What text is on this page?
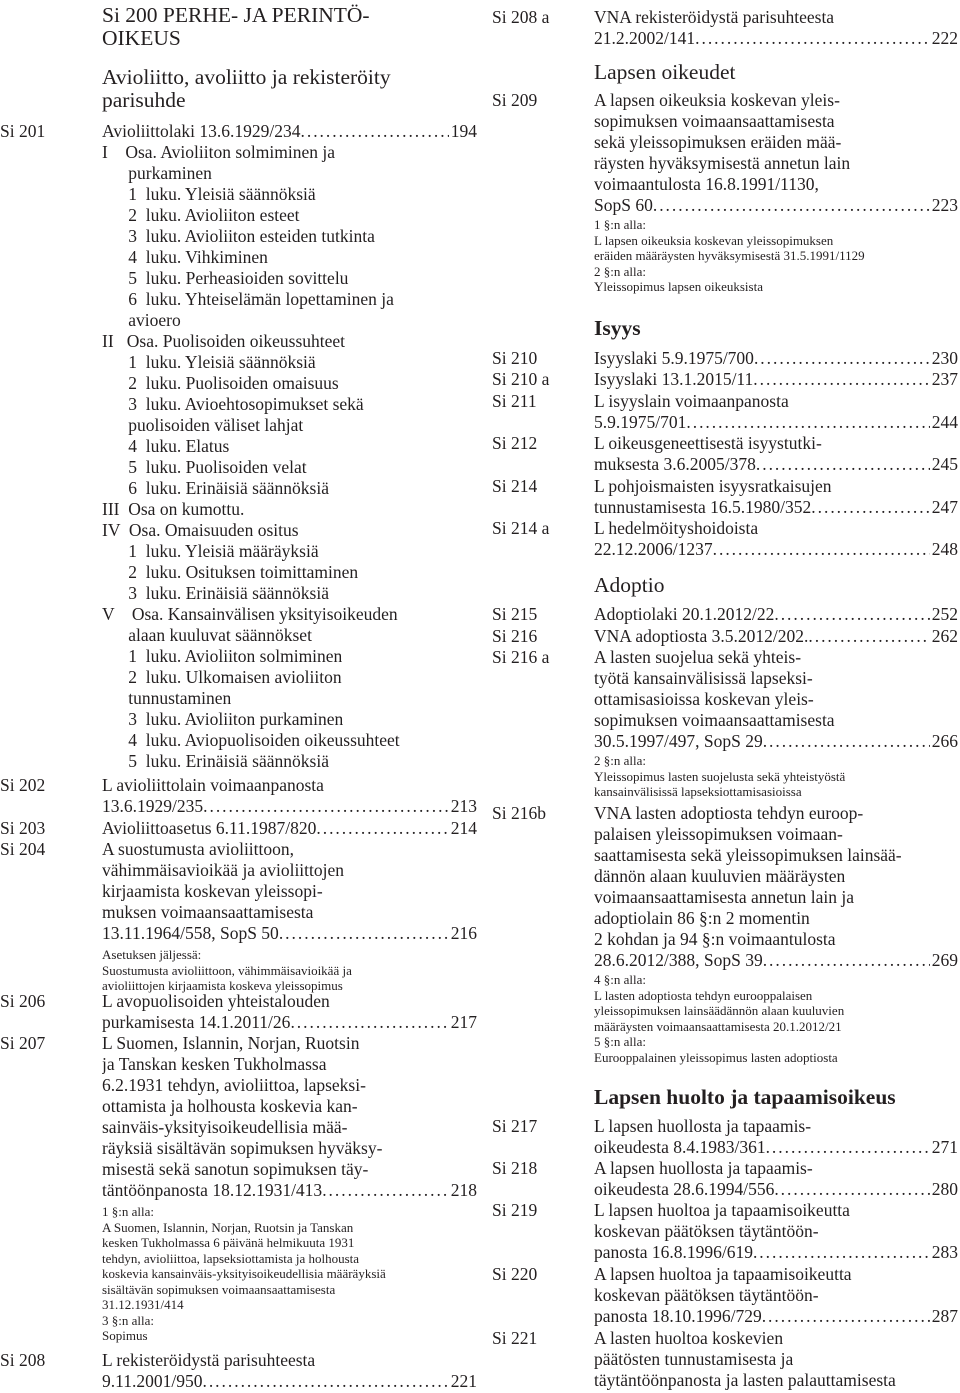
Si 200 PERHE- JA PERINTÖ-
OIKEUS
Avioliitto, avoliitto ja rekisteröity
parisuhde
Si 201	Avioliittolaki 13.6.1929/234 . . .	194
I    Osa. Avioliiton solmiminen ja
purkaminen
1  luku. Yleisiä säännöksiä
2  luku. Avioliiton esteet
3  luku. Avioliiton esteiden tutkinta
4  luku. Vihkiminen
5  luku. Perheasioiden sovittelu
6  luku. Yhteiselämän lopettaminen ja
avioero
II   Osa. Puolisoiden oikeussuhteet
1  luku. Yleisiä säännöksiä
2  luku. Puolisoiden omaisuus
3  luku. Avioehtosopimukset sekä
puolisoiden väliset lahjat
4  luku. Elatus
5  luku. Puolisoiden velat
6  luku. Erinäisiä säännöksiä
III  Osa on kumottu.
IV  Osa. Omaisuuden ositus
1  luku. Yleisiä määräyksiä
2  luku. Osituksen toimittaminen
3  luku. Erinäisiä säännöksiä
V    Osa. Kansainvälisen yksityisoikeuden
alaan kuuluvat säännökset
1  luku. Avioliiton solmiminen
2  luku. Ulkomaisen avioliiton
tunnustaminen
3  luku. Avioliiton purkaminen
4  luku. Aviopuolisoiden oikeussuhteet
5  luku. Erinäisiä säännöksiä
Si 202	L avioliittolain voimaanpanosta
13.6.1929/235 . . .	213
Si 203	Avioliittoasetus 6.11.1987/820 . . .	214
Si 204	A suostumusta avioliittoon,
vähimmäisavioikää ja avioliittojen
kirjaamista koskevan yleissopi-
muksen voimaansaattamisesta
13.11.1964/558, SopS 50 . . .	216
Asetuksen jäljessä:
Suostumusta avioliittoon, vähimmäisavioikää ja
avioliittojen kirjaamista koskeva yleissopimus
Si 206	L avopuolisoiden yhteistalouden
purkamisesta 14.1.2011/26 . . .	217
Si 207	L Suomen, Islannin, Norjan, Ruotsin
ja Tanskan kesken Tukholmassa
6.2.1931 tehdyn, avioliittoa, lapseksi-
ottamista ja holhousta koskevia kan-
sainväis-yksityisoikeudellisia mää-
räyksiä sisältävän sopimuksen hyväksy-
misestä sekä sanotun sopimuksen täy-
täntöönpanosta 18.12.1931/413 . . .	218
1 §:n alla:
A Suomen, Islannin, Norjan, Ruotsin ja Tanskan
kesken Tukholmassa 6 päivänä helmikuuta 1931
tehdyn, avioliittoa, lapseksiottamista ja holhousta
koskevia kansainväis-yksityisoikeudellisia määräyksiä
sisältävän sopimuksen voimaansaattamisesta
31.12.1931/414
3 §:n alla:
Sopimus
Si 208	L rekisteröidystä parisuhteesta
9.11.2001/950 . . .	221
Si 208 a	VNA rekisteröidystä parisuhteesta
21.2.2002/141 . . .	222
Lapsen oikeudet
Si 209	A lapsen oikeuksia koskevan yleis-
sopimuksen voimaansaattamisesta
sekä yleissopimuksen eräiden mää-
räysten hyväksymisestä annetun lain
voimaantulosta 16.8.1991/1130,
SopS 60 . . .	223
1 §:n alla:
L lapsen oikeuksia koskevan yleissopimuksen
eräiden määräysten hyväksymisestä 31.5.1991/1129
2 §:n alla:
Yleissopimus lapsen oikeuksista
Isyys
Si 210	Isyyslaki 5.9.1975/700 . . .	230
Si 210 a	Isyyslaki 13.1.2015/11 . . .	237
Si 211	L isyyslain voimaanpanosta
5.9.1975/701 . . .	244
Si 212	L oikeusgeneettisestä isyystutki-
muksesta 3.6.2005/378 . . .	245
Si 214	L pohjoismaisten isyysratkaisujen
tunnustamisesta 16.5.1980/352 . . .	247
Si 214 a	L hedelmöityshoidoista
22.12.2006/1237 . . .	248
Adoptio
Si 215	Adoptiolaki 20.1.2012/22 . . .	252
Si 216	VNA adoptiosta 3.5.2012/202. . . .	262
Si 216 a	A lasten suojelua sekä yhteis-
työtä kansainvälisissä lapseksi-
ottamisasioissa koskevan yleis-
sopimuksen voimaansaattamisesta
30.5.1997/497, SopS 29 . . .	266
2 §:n alla:
Yleissopimus lasten suojelusta sekä yhteistyöstä
kansainvälisissä lapseksiottamisasioissa
Si 216b	VNA lasten adoptiosta tehdyn euroop-
palaisen yleissopimuksen voimaan-
saattamisesta sekä yleissopimuksen lainsää-
dännön alaan kuuluvien määräysten
voimaansaattamisesta annetun lain ja
adoptiolain 86 §:n 2 momentin
2 kohdan ja 94 §:n voimaantulosta
28.6.2012/388, SopS 39 . . .	269
4 §:n alla:
L lasten adoptiosta tehdyn eurooppalaisen
yleissopimuksen lainsäädännön alaan kuuluvien
määräysten voimaansaattamisesta 20.1.2012/21
5 §:n alla:
Eurooppalainen yleissopimus lasten adoptiosta
Lapsen huolto ja tapaamisoikeus
Si 217	L lapsen huollosta ja tapaamis-
oikeudesta 8.4.1983/361 . . .	271
Si 218	A lapsen huollosta ja tapaamis-
oikeudesta 28.6.1994/556 . . .	280
Si 219	L lapsen huoltoa ja tapaamisoikeutta
koskevan päätöksen täytäntöön-
panosta 16.8.1996/619 . . .	283
Si 220	A lapsen huoltoa ja tapaamisoikeutta
koskevan päätöksen täytäntöön-
panosta 18.10.1996/729 . . .	287
Si 221	A lasten huoltoa koskevien
päätösten tunnustamisesta ja
täytäntöönpanosta ja lasten palauttamisesta
